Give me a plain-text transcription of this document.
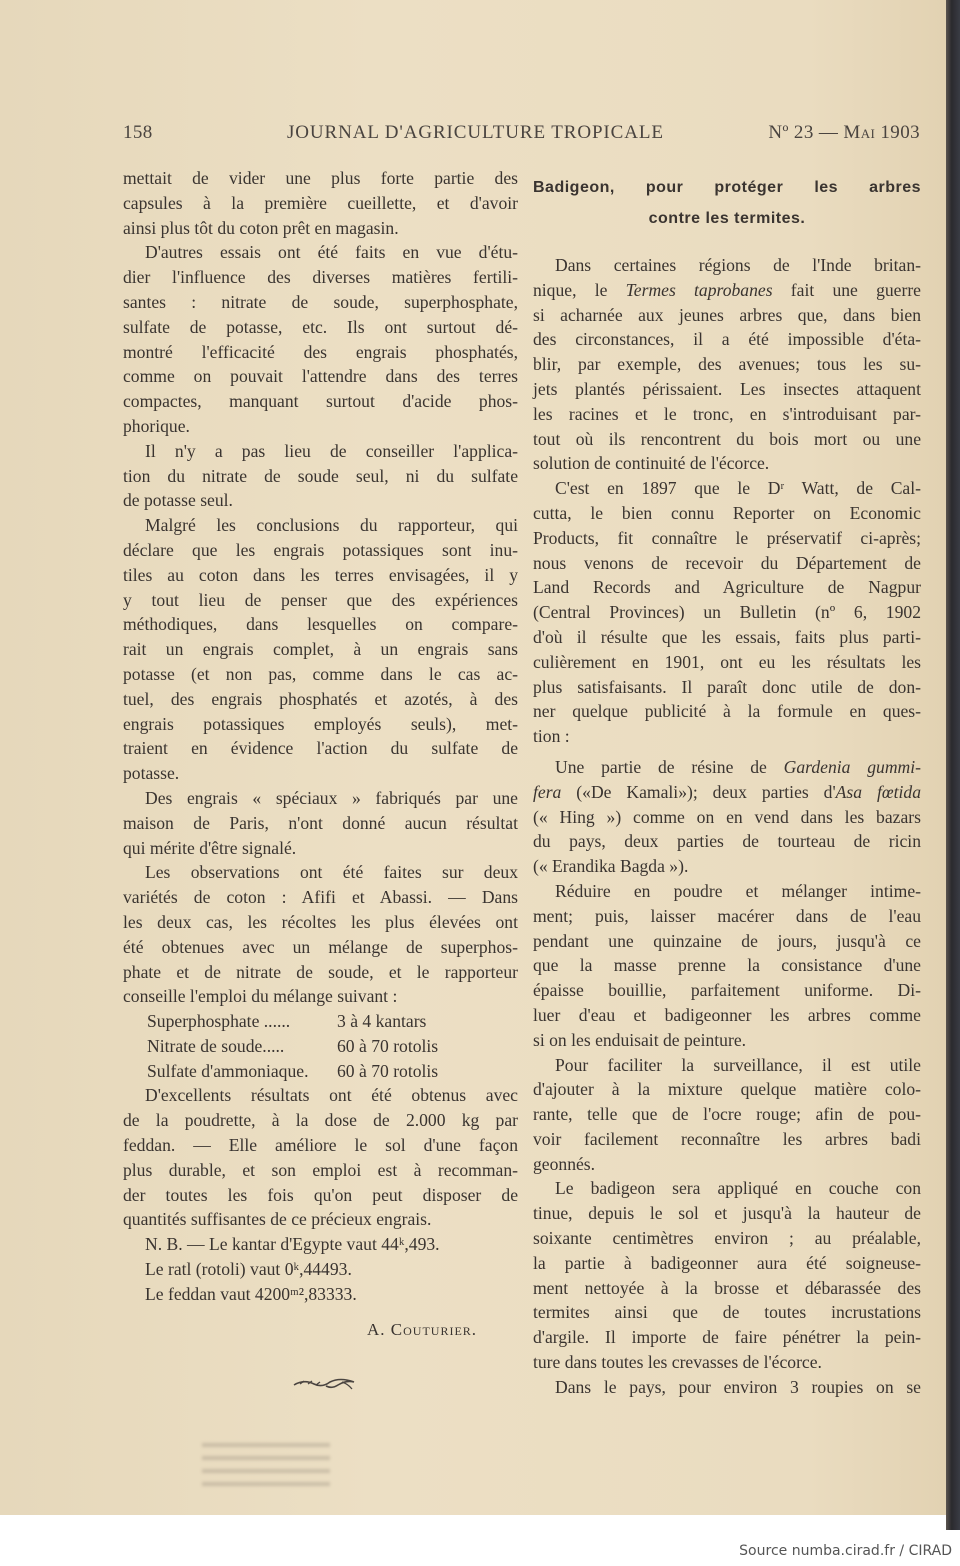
158	JOURNAL D'AGRICULTURE TROPICALE	Nº 23 — Mai 1903
mettait de vider une plus forte partie des
capsules à la première cueillette, et d'avoir
ainsi plus tôt du coton prêt en magasin.
D'autres essais ont été faits en vue d'étu-
dier l'influence des diverses matières fertili-
santes : nitrate de soude, superphosphate,
sulfate de potasse, etc. Ils ont surtout dé-
montré l'efficacité des engrais phosphatés,
comme on pouvait l'attendre dans des terres
compactes, manquant surtout d'acide phos-
phorique.
Il n'y a pas lieu de conseiller l'applica-
tion du nitrate de soude seul, ni du sulfate
de potasse seul.
Malgré les conclusions du rapporteur, qui
déclare que les engrais potassiques sont inu-
tiles au coton dans les terres envisagées, il y
y tout lieu de penser que des expériences
méthodiques, dans lesquelles on compare-
rait un engrais complet, à un engrais sans
potasse (et non pas, comme dans le cas ac-
tuel, des engrais phosphatés et azotés, à des
engrais potassiques employés seuls), met-
traient en évidence l'action du sulfate de
potasse.
Des engrais « spéciaux » fabriqués par une
maison de Paris, n'ont donné aucun résultat
qui mérite d'être signalé.
Les observations ont été faites sur deux
variétés de coton : Afifi et Abassi. — Dans
les deux cas, les récoltes les plus élevées ont
été obtenues avec un mélange de superphos-
phate et de nitrate de soude, et le rapporteur
conseille l'emploi du mélange suivant :
Superphosphate ......	3 à 4 kantars
Nitrate de soude.....	60 à 70 rotolis
Sulfate d'ammoniaque.	60 à 70 rotolis
D'excellents résultats ont été obtenus avec
de la poudrette, à la dose de 2.000 kg par
feddan. — Elle améliore le sol d'une façon
plus durable, et son emploi est à recomman-
der toutes les fois qu'on peut disposer de
quantités suffisantes de ce précieux engrais.
N. B. — Le kantar d'Egypte vaut 44ᵏ,493.
Le ratl (rotoli) vaut 0ᵏ,44493.
Le feddan vaut 4200ᵐ²,83333.
A. Couturier.
Badigeon, pour protéger les arbres
contre les termites.
Dans certaines régions de l'Inde britan-
nique, le Termes taprobanes fait une guerre
si acharnée aux jeunes arbres que, dans bien
des circonstances, il a été impossible d'éta-
blir, par exemple, des avenues; tous les su-
jets plantés périssaient. Les insectes attaquent
les racines et le tronc, en s'introduisant par-
tout où ils rencontrent du bois mort ou une
solution de continuité de l'écorce.
C'est en 1897 que le Dʳ Watt, de Cal-
cutta, le bien connu Reporter on Economic
Products, fit connaître le préservatif ci-après;
nous venons de recevoir du Département de
Land Records and Agriculture de Nagpur
(Central Provinces) un Bulletin (nº 6, 1902
d'où il résulte que les essais, faits plus parti-
culièrement en 1901, ont eu les résultats les
plus satisfaisants. Il paraît donc utile de don-
ner quelque publicité à la formule en ques-
tion :
Une partie de résine de Gardenia gummi-
fera («De Kamali»); deux parties d'Asa fœtida
(« Hing ») comme on en vend dans les bazars
du pays, deux parties de tourteau de ricin
(« Erandika Bagda »).
Réduire en poudre et mélanger intime-
ment; puis, laisser macérer dans de l'eau
pendant une quinzaine de jours, jusqu'à ce
que la masse prenne la consistance d'une
épaisse bouillie, parfaitement uniforme. Di-
luer d'eau et badigeonner les arbres comme
si on les enduisait de peinture.
Pour faciliter la surveillance, il est utile
d'ajouter à la mixture quelque matière colo-
rante, telle que de l'ocre rouge; afin de pou-
voir facilement reconnaître les arbres badi
geonnés.
Le badigeon sera appliqué en couche con
tinue, depuis le sol et jusqu'à la hauteur de
soixante centimètres environ ; au préalable,
la partie à badigeonner aura été soigneuse-
ment nettoyée à la brosse et débarassée des
termites ainsi que de toutes incrustations
d'argile. Il importe de faire pénétrer la pein-
ture dans toutes les crevasses de l'écorce.
Dans le pays, pour environ 3 roupies on se
Source numba.cirad.fr / CIRAD
